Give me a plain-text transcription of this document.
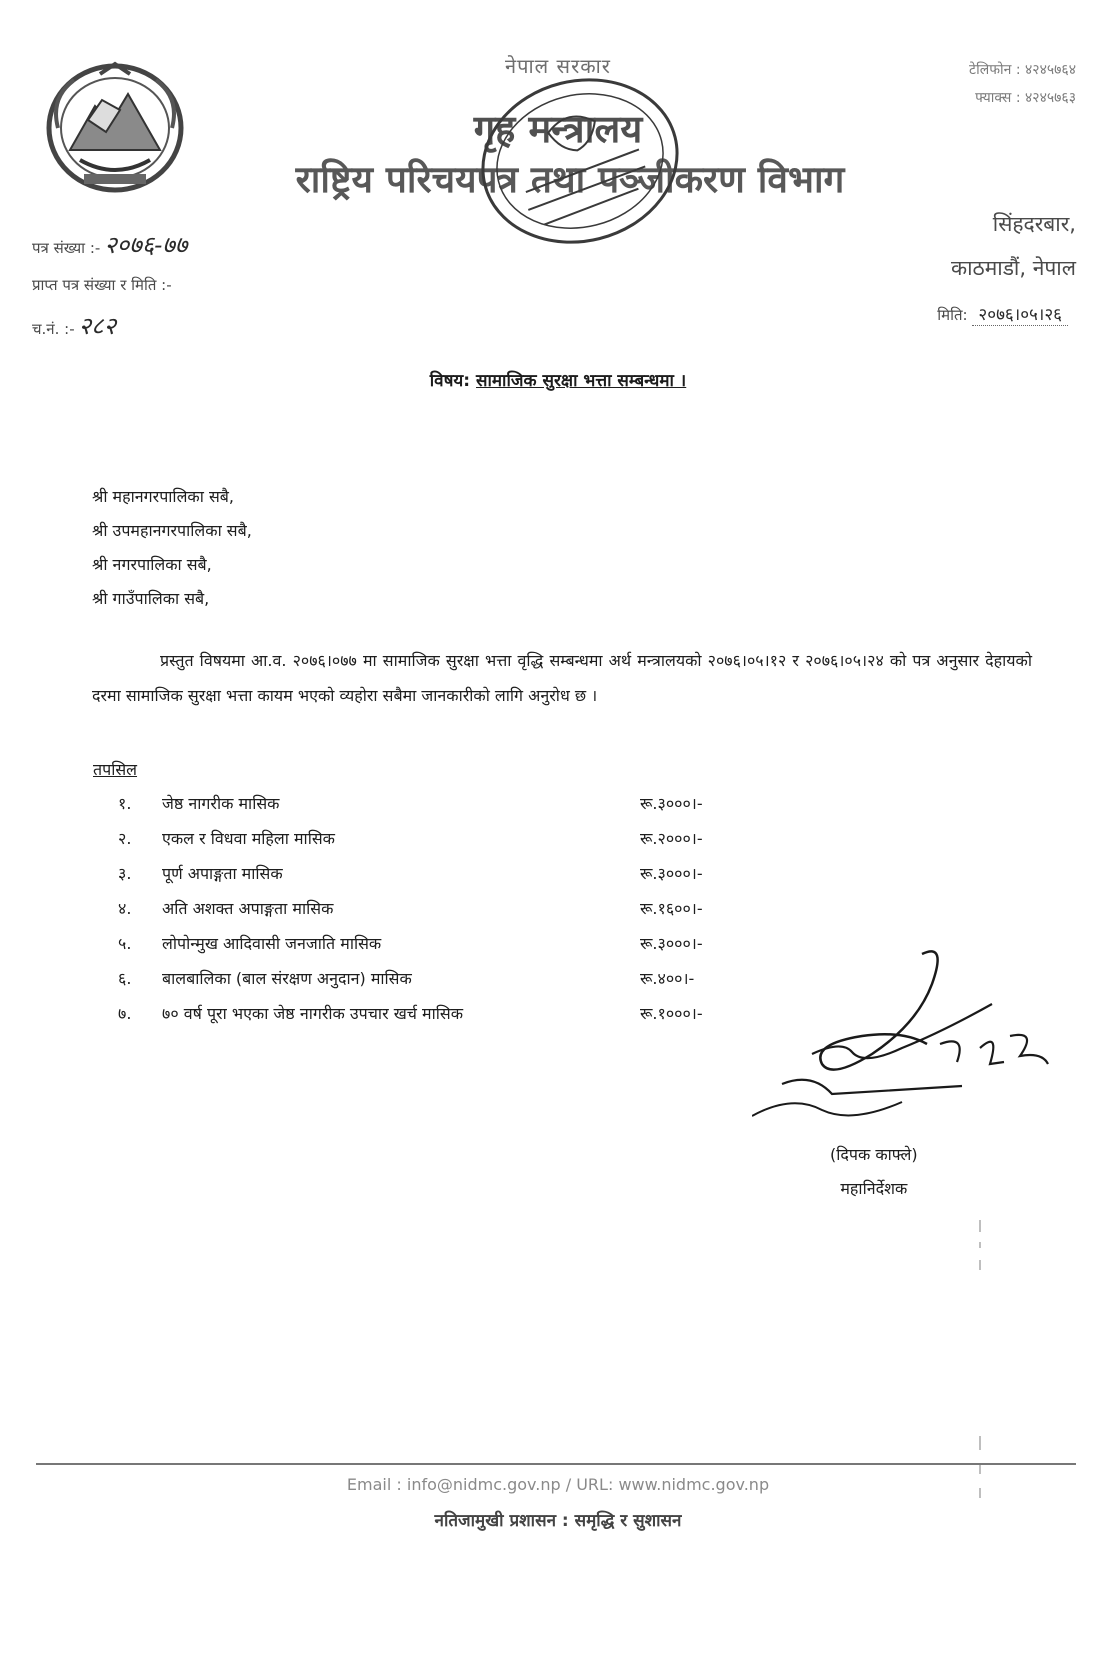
नेपाल सरकार
गृह मन्त्रालय
राष्ट्रिय परिचयपत्र तथा पञ्जीकरण विभाग
टेलिफोन : ४२४५७६४
फ्याक्स : ४२४५७६३
पत्र संख्या :- २०७६-७७
प्राप्त पत्र संख्या र मिति :-
च.नं. :- २८२
सिंहदरबार,
काठमाडौं, नेपाल
मिति: २०७६।०५।२६
विषय: सामाजिक सुरक्षा भत्ता सम्बन्धमा ।
श्री महानगरपालिका सबै,
श्री उपमहानगरपालिका सबै,
श्री नगरपालिका सबै,
श्री गाउँपालिका सबै,
प्रस्तुत विषयमा आ.व. २०७६।०७७ मा सामाजिक सुरक्षा भत्ता वृद्धि सम्बन्धमा अर्थ मन्त्रालयको २०७६।०५।१२ र २०७६।०५।२४ को पत्र अनुसार देहायको दरमा सामाजिक सुरक्षा भत्ता कायम भएको व्यहोरा सबैमा जानकारीको लागि अनुरोध छ ।
तपसिल
१.	जेष्ठ नागरीक मासिक	रू.३०००।-
२.	एकल र विधवा महिला मासिक	रू.२०००।-
३.	पूर्ण अपाङ्गता मासिक	रू.३०००।-
४.	अति अशक्त अपाङ्गता मासिक	रू.१६००।-
५.	लोपोन्मुख आदिवासी जनजाति मासिक	रू.३०००।-
६.	बालबालिका (बाल संरक्षण अनुदान) मासिक	रू.४००।-
७.	७० वर्ष पूरा भएका जेष्ठ नागरीक उपचार खर्च मासिक	रू.१०००।-
(दिपक काफ्ले)
महानिर्देशक
Email : info@nidmc.gov.np / URL: www.nidmc.gov.np
नतिजामुखी प्रशासन : समृद्धि र सुशासन
